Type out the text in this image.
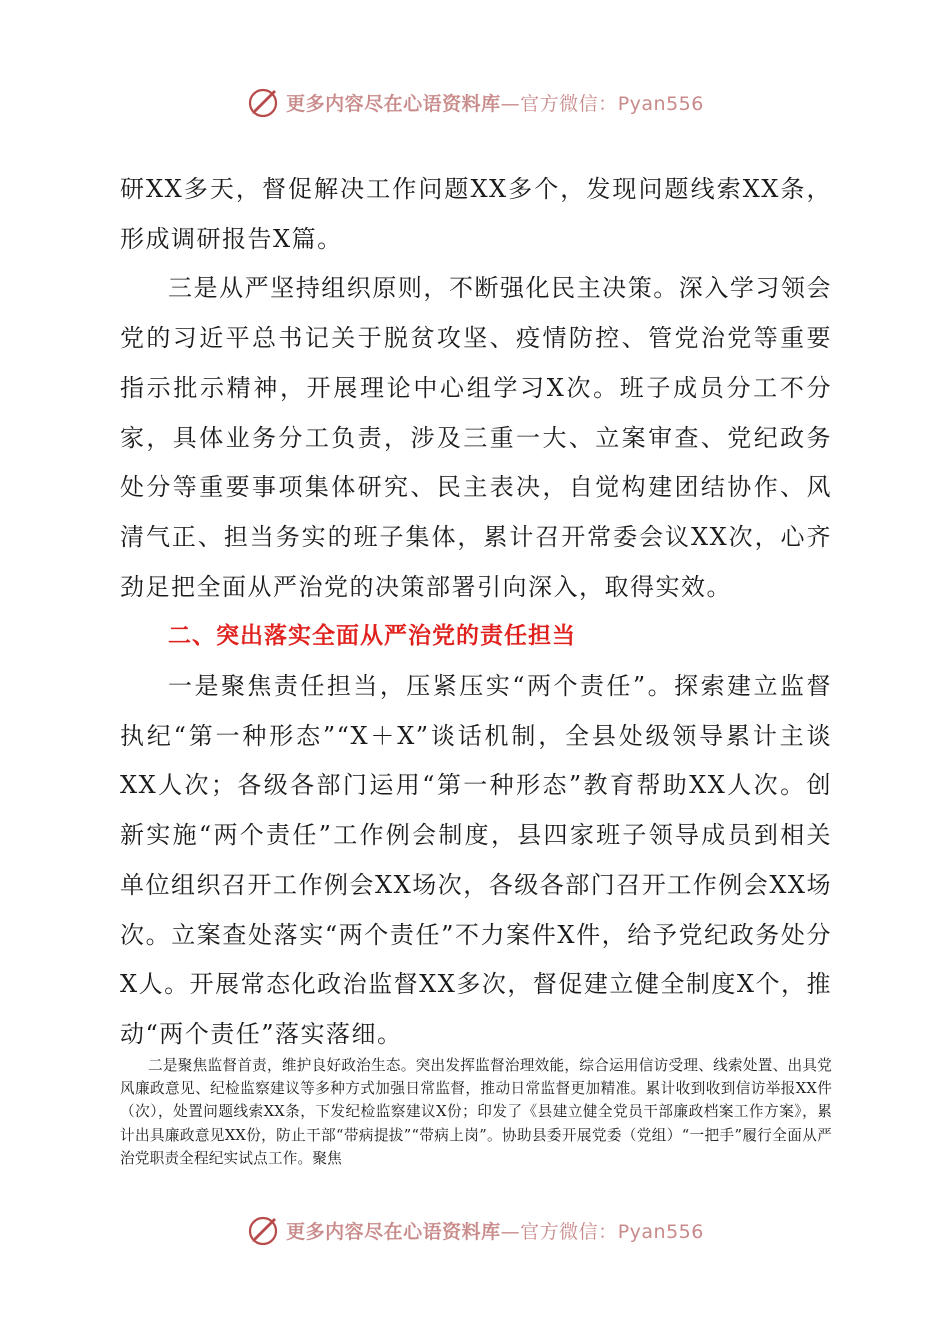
更多内容尽在心语资料库—官方微信：Pyan556

研XX多天，督促解决工作问题XX多个，发现问题线索XX条，形成调研报告X篇。

三是从严坚持组织原则，不断强化民主决策。深入学习领会党的习近平总书记关于脱贫攻坚、疫情防控、管党治党等重要指示批示精神，开展理论中心组学习X次。班子成员分工不分家，具体业务分工负责，涉及三重一大、立案审查、党纪政务处分等重要事项集体研究、民主表决，自觉构建团结协作、风清气正、担当务实的班子集体，累计召开常委会议XX次，心齐劲足把全面从严治党的决策部署引向深入，取得实效。

二、突出落实全面从严治党的责任担当

一是聚焦责任担当，压紧压实“两个责任”。探索建立监督执纪“第一种形态”“X＋X”谈话机制，全县处级领导累计主谈XX人次；各级各部门运用“第一种形态”教育帮助XX人次。创新实施“两个责任”工作例会制度，县四家班子领导成员到相关单位组织召开工作例会XX场次，各级各部门召开工作例会XX场次。立案查处落实“两个责任”不力案件X件，给予党纪政务处分X人。开展常态化政治监督XX多次，督促建立健全制度X个，推动“两个责任”落实落细。

二是聚焦监督首责，维护良好政治生态。突出发挥监督治理效能，综合运用信访受理、线索处置、出具党风廉政意见、纪检监察建议等多种方式加强日常监督，推动日常监督更加精准。累计收到收到信访举报XX件（次），处置问题线索XX条，下发纪检监察建议X份；印发了《县建立健全党员干部廉政档案工作方案》，累计出具廉政意见XX份，防止干部“带病提拔”“带病上岗”。协助县委开展党委（党组）“一把手”履行全面从严治党职责全程纪实试点工作。聚焦

更多内容尽在心语资料库—官方微信：Pyan556
